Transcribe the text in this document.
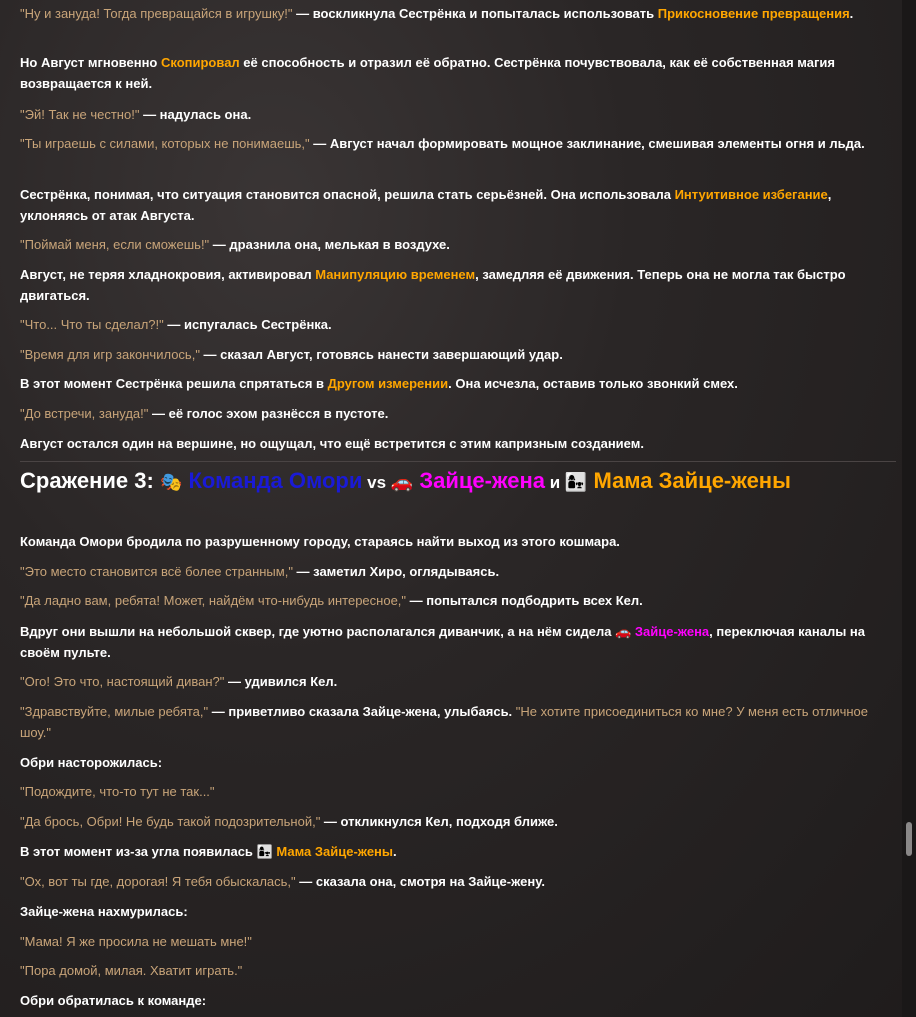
"Ну и зануда! Тогда превращайся в игрушку!" — воскликнула Сестрёнка и попыталась использовать Прикосновение превращения.

Но Август мгновенно Скопировал её способность и отразил её обратно. Сестрёнка почувствовала, как её собственная магия возвращается к ней.

"Эй! Так не честно!" — надулась она.

"Ты играешь с силами, которых не понимаешь," — Август начал формировать мощное заклинание, смешивая элементы огня и льда.

Сестрёнка, понимая, что ситуация становится опасной, решила стать серьёзней. Она использовала Интуитивное избегание, уклоняясь от атак Августа.

"Поймай меня, если сможешь!" — дразнила она, мелькая в воздухе.

Август, не теряя хладнокровия, активировал Манипуляцию временем, замедляя её движения. Теперь она не могла так быстро двигаться.

"Что... Что ты сделал?!" — испугалась Сестрёнка.

"Время для игр закончилось," — сказал Август, готовясь нанести завершающий удар.

В этот момент Сестрёнка решила спрятаться в Другом измерении. Она исчезла, оставив только звонкий смех.

"До встречи, зануда!" — её голос эхом разнёсся в пустоте.

Август остался один на вершине, но ощущал, что ещё встретится с этим капризным созданием.

Сражение 3: 🎭 Команда Омори vs 🚗 Зайце-жена и 👩‍👧 Мама Зайце-жены

Команда Омори бродила по разрушенному городу, стараясь найти выход из этого кошмара.

"Это место становится всё более странным," — заметил Хиро, оглядываясь.

"Да ладно вам, ребята! Может, найдём что-нибудь интересное," — попытался подбодрить всех Кел.

Вдруг они вышли на небольшой сквер, где уютно располагался диванчик, а на нём сидела 🚗 Зайце-жена, переключая каналы на своём пульте.

"Ого! Это что, настоящий диван?" — удивился Кел.

"Здравствуйте, милые ребята," — приветливо сказала Зайце-жена, улыбаясь. "Не хотите присоединиться ко мне? У меня есть отличное шоу."

Обри насторожилась:

"Подождите, что-то тут не так..."

"Да брось, Обри! Не будь такой подозрительной," — откликнулся Кел, подходя ближе.

В этот момент из-за угла появилась 👩‍👧 Мама Зайце-жены.

"Ох, вот ты где, дорогая! Я тебя обыскалась," — сказала она, смотря на Зайце-жену.

Зайце-жена нахмурилась:

"Мама! Я же просила не мешать мне!"

"Пора домой, милая. Хватит играть."

Обри обратилась к команде:
